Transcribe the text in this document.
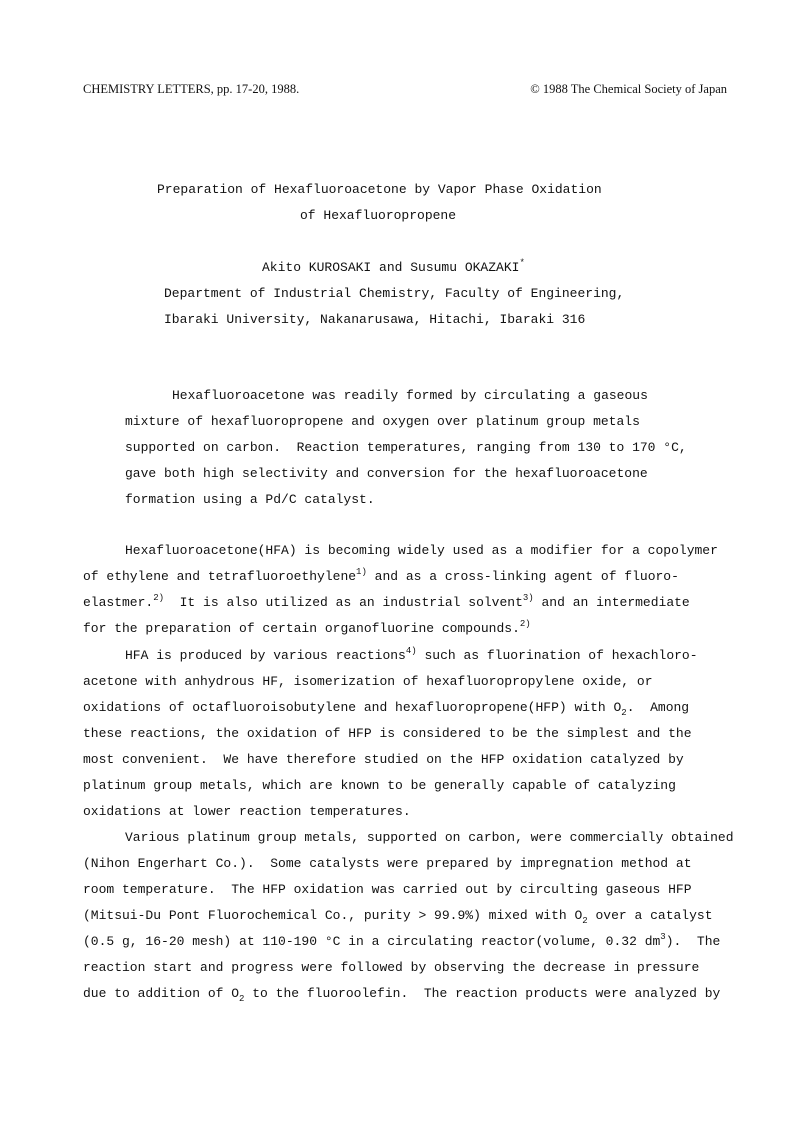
CHEMISTRY LETTERS, pp. 17-20, 1988.	© 1988 The Chemical Society of Japan
Preparation of Hexafluoroacetone by Vapor Phase Oxidation
of Hexafluoropropene
Akito KUROSAKI and Susumu OKAZAKI*
Department of Industrial Chemistry, Faculty of Engineering,
Ibaraki University, Nakanarusawa, Hitachi, Ibaraki 316
Hexafluoroacetone was readily formed by circulating a gaseous
mixture of hexafluoropropene and oxygen over platinum group metals
supported on carbon.  Reaction temperatures, ranging from 130 to 170 °C,
gave both high selectivity and conversion for the hexafluoroacetone
formation using a Pd/C catalyst.
Hexafluoroacetone(HFA) is becoming widely used as a modifier for a copolymer
of ethylene and tetrafluoroethylene$^{1)}$ and as a cross-linking agent of fluoro-
elastmer.$^{2)}$  It is also utilized as an industrial solvent$^{3)}$ and an intermediate
for the preparation of certain organofluorine compounds.$^{2)}$
HFA is produced by various reactions$^{4)}$ such as fluorination of hexachloro-
acetone with anhydrous HF, isomerization of hexafluoropropylene oxide, or
oxidations of octafluoroisobutylene and hexafluoropropene(HFP) with $O_2$.  Among
these reactions, the oxidation of HFP is considered to be the simplest and the
most convenient.  We have therefore studied on the HFP oxidation catalyzed by
platinum group metals, which are known to be generally capable of catalyzing
oxidations at lower reaction temperatures.
Various platinum group metals, supported on carbon, were commercially obtained
(Nihon Engerhart Co.).  Some catalysts were prepared by impregnation method at
room temperature.  The HFP oxidation was carried out by circulting gaseous HFP
(Mitsui-Du Pont Fluorochemical Co., purity > 99.9%) mixed with $O_2$ over a catalyst
(0.5 g, 16-20 mesh) at 110-190 °C in a circulating reactor(volume, 0.32 $dm^3$).  The
reaction start and progress were followed by observing the decrease in pressure
due to addition of $O_2$ to the fluoroolefin.  The reaction products were analyzed by
